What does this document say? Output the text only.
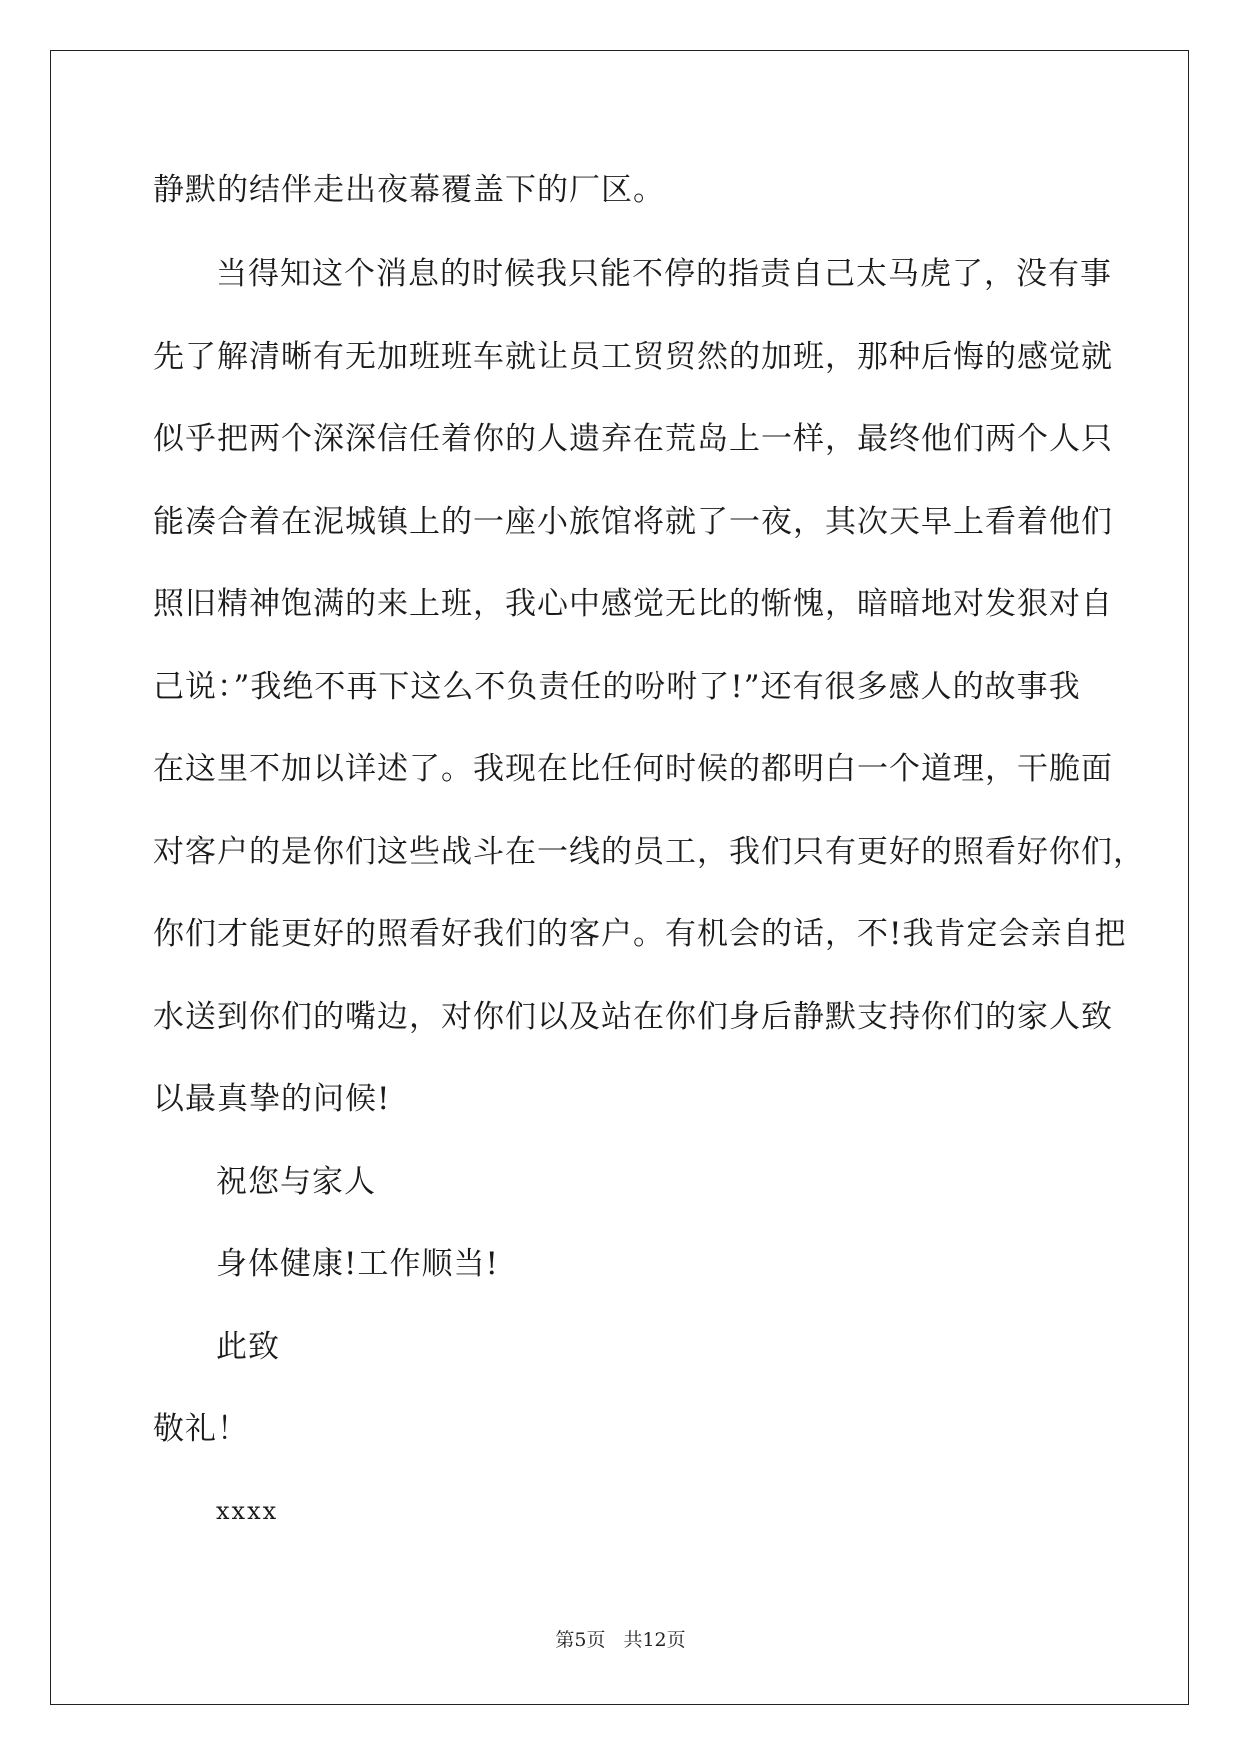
静默的结伴走出夜幕覆盖下的厂区。
当得知这个消息的时候我只能不停的指责自己太马虎了，没有事
先了解清晰有无加班班车就让员工贸贸然的加班，那种后悔的感觉就
似乎把两个深深信任着你的人遗弃在荒岛上一样，最终他们两个人只
能凑合着在泥城镇上的一座小旅馆将就了一夜，其次天早上看着他们
照旧精神饱满的来上班，我心中感觉无比的惭愧，暗暗地对发狠对自
己说：”我绝不再下这么不负责任的吩咐了!”还有很多感人的故事我
在这里不加以详述了。我现在比任何时候的都明白一个道理，干脆面
对客户的是你们这些战斗在一线的员工，我们只有更好的照看好你们，
你们才能更好的照看好我们的客户。有机会的话，不!我肯定会亲自把
水送到你们的嘴边，对你们以及站在你们身后静默支持你们的家人致
以最真挚的问候!
祝您与家人
身体健康!工作顺当!
此致
敬礼！
xxxx
第5页 共12页
